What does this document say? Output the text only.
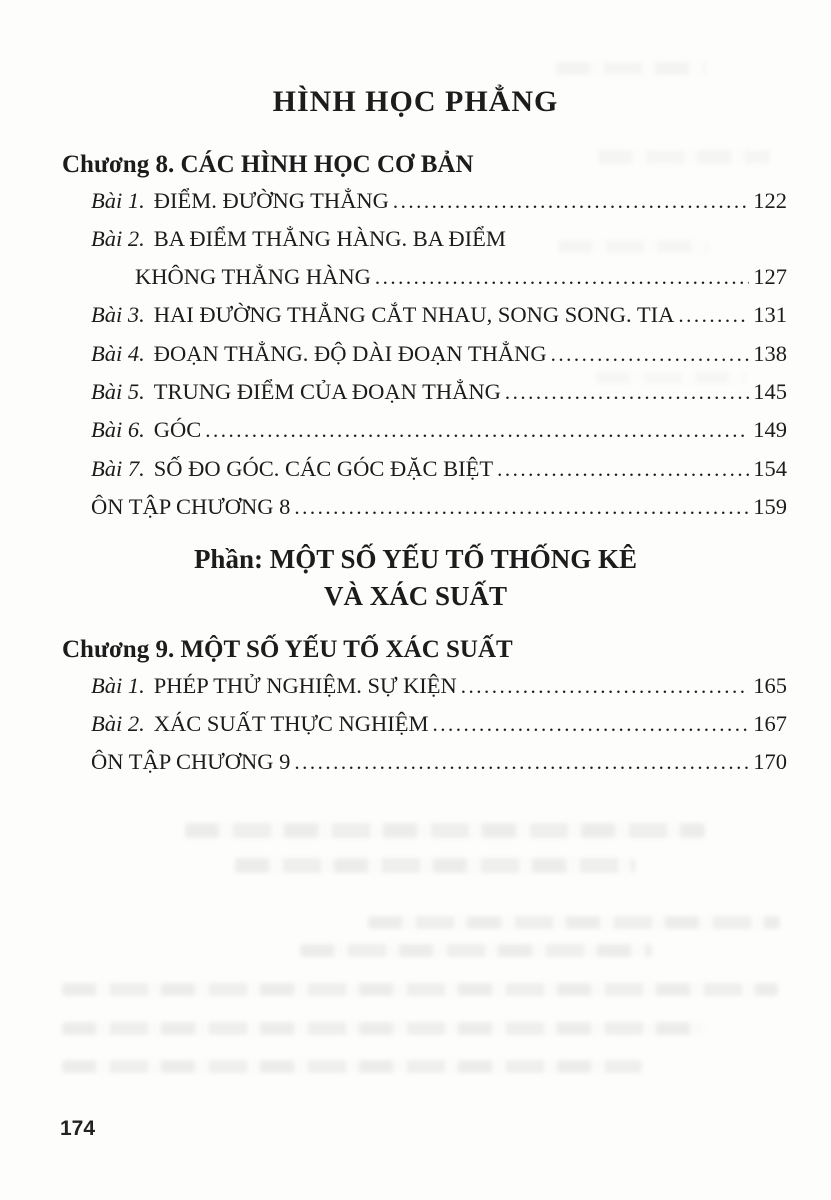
HÌNH HỌC PHẲNG
Chương 8. CÁC HÌNH HỌC CƠ BẢN
Bài 1. ĐIỂM. ĐƯỜNG THẲNG .....	122
Bài 2. BA ĐIỂM THẲNG HÀNG. BA ĐIỂM
KHÔNG THẲNG HÀNG .....	127
Bài 3. HAI ĐƯỜNG THẲNG CẮT NHAU, SONG SONG. TIA .....	131
Bài 4. ĐOẠN THẲNG. ĐỘ DÀI ĐOẠN THẲNG .....	138
Bài 5. TRUNG ĐIỂM CỦA ĐOẠN THẲNG .....	145
Bài 6. GÓC .....	149
Bài 7. SỐ ĐO GÓC. CÁC GÓC ĐẶC BIỆT .....	154
ÔN TẬP CHƯƠNG 8 .....	159
Phần: MỘT SỐ YẾU TỐ THỐNG KÊ
VÀ XÁC SUẤT
Chương 9. MỘT SỐ YẾU TỐ XÁC SUẤT
Bài 1. PHÉP THỬ NGHIỆM. SỰ KIỆN .....	165
Bài 2. XÁC SUẤT THỰC NGHIỆM .....	167
ÔN TẬP CHƯƠNG 9 .....	170
174
